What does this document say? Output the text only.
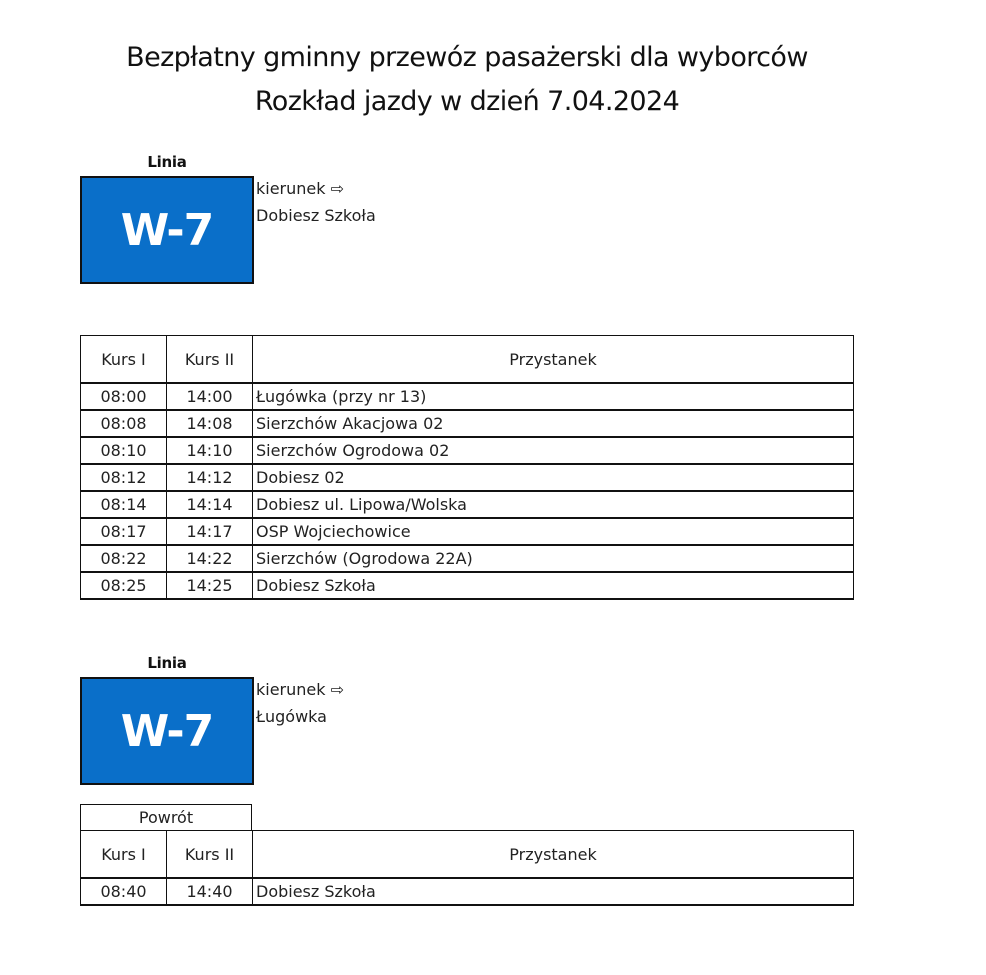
Bezpłatny gminny przewóz pasażerski dla wyborców
Rozkład jazdy w dzień 7.04.2024
Linia
W-7
kierunek ⇨
Dobiesz Szkoła
Kurs I	Kurs II	Przystanek
08:00	14:00	Ługówka (przy nr 13)
08:08	14:08	Sierzchów Akacjowa 02
08:10	14:10	Sierzchów Ogrodowa 02
08:12	14:12	Dobiesz 02
08:14	14:14	Dobiesz ul. Lipowa/Wolska
08:17	14:17	OSP Wojciechowice
08:22	14:22	Sierzchów (Ogrodowa 22A)
08:25	14:25	Dobiesz Szkoła
Linia
W-7
kierunek ⇨
Ługówka
Powrót
Kurs I	Kurs II	Przystanek
08:40	14:40	Dobiesz Szkoła
